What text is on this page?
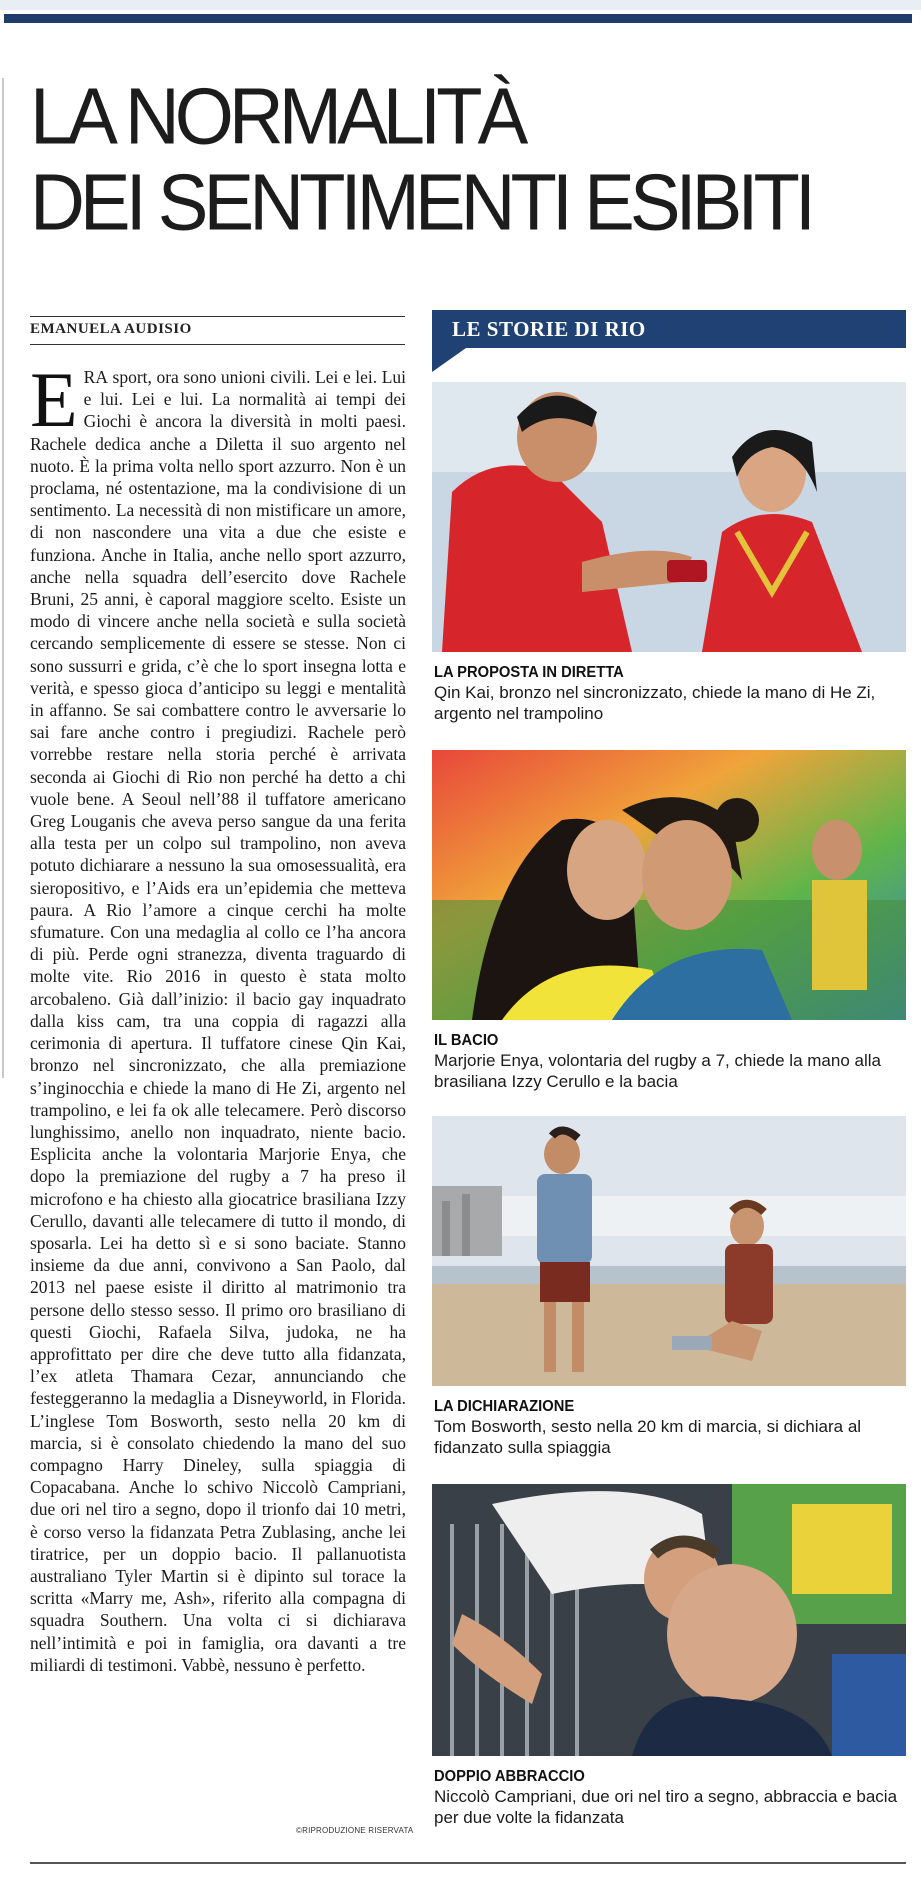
LA NORMALITÀ
DEI SENTIMENTI ESIBITI
EMANUELA AUDISIO

ERA sport, ora sono unioni civili. Lei e lei. Lui e lui. Lei e lui. La normalità ai tempi dei Giochi è ancora la diversità in molti paesi. Rachele dedica anche a Diletta il suo argento nel nuoto. È la prima volta nello sport azzurro. Non è un proclama, né ostentazione, ma la condivisione di un sentimento. La necessità di non mistificare un amore, di non nascondere una vita a due che esiste e funziona. Anche in Italia, anche nello sport azzurro, anche nella squadra dell’esercito dove Rachele Bruni, 25 anni, è caporal maggiore scelto. Esiste un modo di vincere anche nella società e sulla società cercando semplicemente di essere se stesse. Non ci sono sussurri e grida, c’è che lo sport insegna lotta e verità, e spesso gioca d’anticipo su leggi e mentalità in affanno. Se sai combattere contro le avversarie lo sai fare anche contro i pregiudizi. Rachele però vorrebbe restare nella storia perché è arrivata seconda ai Giochi di Rio non perché ha detto a chi vuole bene. A Seoul nell’88 il tuffatore americano Greg Louganis che aveva perso sangue da una ferita alla testa per un colpo sul trampolino, non aveva potuto dichiarare a nessuno la sua omosessualità, era sieropositivo, e l’Aids era un’epidemia che metteva paura. A Rio l’amore a cinque cerchi ha molte sfumature. Con una medaglia al collo ce l’ha ancora di più. Perde ogni stranezza, diventa traguardo di molte vite. Rio 2016 in questo è stata molto arcobaleno. Già dall’inizio: il bacio gay inquadrato dalla kiss cam, tra una coppia di ragazzi alla cerimonia di apertura. Il tuffatore cinese Qin Kai, bronzo nel sincronizzato, che alla premiazione s’inginocchia e chiede la mano di He Zi, argento nel trampolino, e lei fa ok alle telecamere. Però discorso lunghissimo, anello non inquadrato, niente bacio. Esplicita anche la volontaria Marjorie Enya, che dopo la premiazione del rugby a 7 ha preso il microfono e ha chiesto alla giocatrice brasiliana Izzy Cerullo, davanti alle telecamere di tutto il mondo, di sposarla. Lei ha detto sì e si sono baciate. Stanno insieme da due anni, convivono a San Paolo, dal 2013 nel paese esiste il diritto al matrimonio tra persone dello stesso sesso. Il primo oro brasiliano di questi Giochi, Rafaela Silva, judoka, ne ha approfittato per dire che deve tutto alla fidanzata, l’ex atleta Thamara Cezar, annunciando che festeggeranno la medaglia a Disneyworld, in Florida. L’inglese Tom Bosworth, sesto nella 20 km di marcia, si è consolato chiedendo la mano del suo compagno Harry Dineley, sulla spiaggia di Copacabana. Anche lo schivo Niccolò Campriani, due ori nel tiro a segno, dopo il trionfo dai 10 metri, è corso verso la fidanzata Petra Zublasing, anche lei tiratrice, per un doppio bacio. Il pallanuotista australiano Tyler Martin si è dipinto sul torace la scritta «Marry me, Ash», riferito alla compagna di squadra Southern. Una volta ci si dichiarava nell’intimità e poi in famiglia, ora davanti a tre miliardi di testimoni. Vabbè, nessuno è perfetto.

©RIPRODUZIONE RISERVATA
LE STORIE DI RIO
LA PROPOSTA IN DIRETTA
Qin Kai, bronzo nel sincronizzato, chiede la mano di He Zi, argento nel trampolino
IL BACIO
Marjorie Enya, volontaria del rugby a 7, chiede la mano alla brasiliana Izzy Cerullo e la bacia
LA DICHIARAZIONE
Tom Bosworth, sesto nella 20 km di marcia, si dichiara al fidanzato sulla spiaggia
DOPPIO ABBRACCIO
Niccolò Campriani, due ori nel tiro a segno, abbraccia e bacia per due volte la fidanzata
